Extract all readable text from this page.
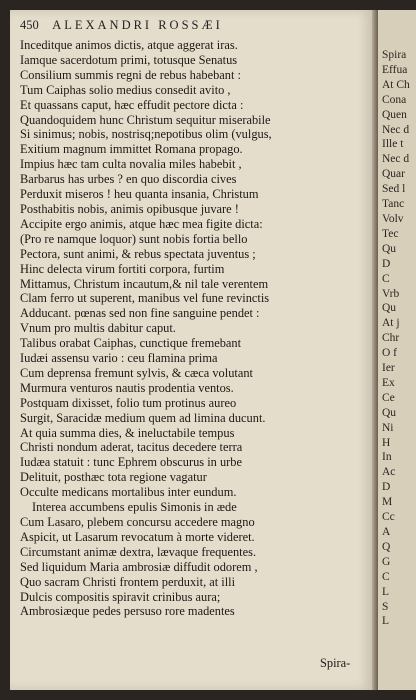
450 ALEXANDRI ROSSÆI
Inceditque animos dictis, atque aggerat iras.
Iamque sacerdotum primi, totusque Senatus
Consilium summis regni de rebus habebant :
Tum Caiphas solio medius consedit avito ,
Et quassans caput, hæc effudit pectore dicta :
Quandoquidem hunc Christum sequitur miserabile
Si sinimus; nobis, nostrisq;nepotibus olim (vulgus,
Exitium magnum immittet Romana propago.
Impius hæc tam culta novalia miles habebit ,
Barbarus has urbes ? en quo discordia cives
Perduxit miseros ! heu quanta insania, Christum
Posthabitis nobis, animis opibusque juvare !
Accipite ergo animis, atque hæc mea figite dicta:
(Pro re namque loquor) sunt nobis fortia bello
Pectora, sunt animi, & rebus spectata juventus ;
Hinc delecta virum fortiti corpora, furtim
Mittamus, Christum incautum,& nil tale verentem
Clam ferro ut superent, manibus vel fune revinctis
Adducant. pœnas sed non fine sanguine pendet :
Vnum pro multis dabitur caput.
Talibus orabat Caiphas, cunctique fremebant
Iudæi assensu vario : ceu flamina prima
Cum deprensa fremunt sylvis, & cæca volutant
Murmura venturos nautis prodentia ventos.
Postquam dixisset, folio tum protinus aureo
Surgit, Saracidæ medium quem ad limina ducunt.
At quia summa dies, & ineluctabile tempus
Christi nondum aderat, tacitus decedere terra
Iudæa statuit : tunc Ephrem obscurus in urbe
Delituit, posthæc tota regione vagatur
Occulte medicans mortalibus inter eundum.
Interea accumbens epulis Simonis in æde
Cum Lasaro, plebem concursu accedere magno
Aspicit, ut Lasarum revocatum à morte videret.
Circumstant animæ dextra, lævaque frequentes.
Sed liquidum Maria ambrosiæ diffudit odorem ,
Quo sacram Christi frontem perduxit, at illi
Dulcis compositis spiravit crinibus aura;
Ambrosiæque pedes persuso rore madentes
Spira-
Spira
Effua
At Ch
Cona
Quen
Nec d
Ille t
Nec d
Quar
Sed l
Tanc
Volv
Tec
Qu
D
C
Vrb
Qu
At j
Chr
O f
Ier
Ex
Ce
Qu
Ni
H
In
Ac
D
M
Cc
A
Q
G
C
L
S
L
